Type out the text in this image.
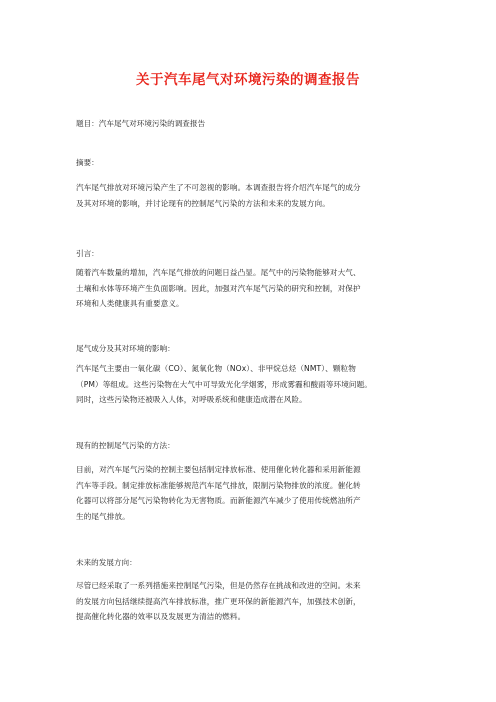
关于汽车尾气对环境污染的调查报告
题目：汽车尾气对环境污染的调查报告
摘要：
汽车尾气排放对环境污染产生了不可忽视的影响。本调查报告将介绍汽车尾气的成分
及其对环境的影响，并讨论现有的控制尾气污染的方法和未来的发展方向。
引言：
随着汽车数量的增加，汽车尾气排放的问题日益凸显。尾气中的污染物能够对大气、
土壤和水体等环境产生负面影响。因此，加强对汽车尾气污染的研究和控制，对保护
环境和人类健康具有重要意义。
尾气成分及其对环境的影响：
汽车尾气主要由一氧化碳（CO）、氮氧化物（NOx）、非甲烷总烃（NMT）、颗粒物
（PM）等组成。这些污染物在大气中可导致光化学烟雾，形成雾霾和酸雨等环境问题。
同时，这些污染物还被吸入人体，对呼吸系统和健康造成潜在风险。
现有的控制尾气污染的方法：
目前，对汽车尾气污染的控制主要包括制定排放标准、使用催化转化器和采用新能源
汽车等手段。制定排放标准能够规范汽车尾气排放，限制污染物排放的浓度。催化转
化器可以将部分尾气污染物转化为无害物质。而新能源汽车减少了使用传统燃油所产
生的尾气排放。
未来的发展方向：
尽管已经采取了一系列措施来控制尾气污染，但是仍然存在挑战和改进的空间。未来
的发展方向包括继续提高汽车排放标准，推广更环保的新能源汽车，加强技术创新，
提高催化转化器的效率以及发展更为清洁的燃料。
